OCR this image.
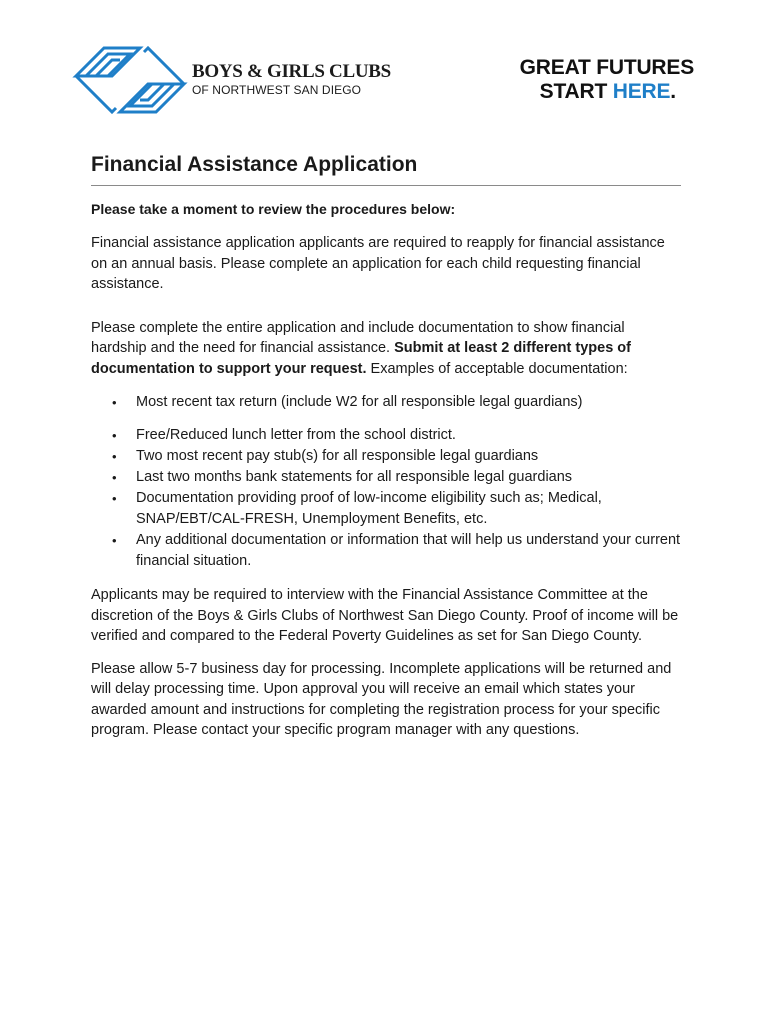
BOYS & GIRLS CLUBS
OF NORTHWEST SAN DIEGO
GREAT FUTURES
START HERE.
Financial Assistance Application
Please take a moment to review the procedures below:

Financial assistance application applicants are required to reapply for financial assistance on an annual basis. Please complete an application for each child requesting financial assistance.

Please complete the entire application and include documentation to show financial hardship and the need for financial assistance. Submit at least 2 different types of documentation to support your request. Examples of acceptable documentation:

• Most recent tax return (include W2 for all responsible legal guardians)
• Free/Reduced lunch letter from the school district.
• Two most recent pay stub(s) for all responsible legal guardians
• Last two months bank statements for all responsible legal guardians
• Documentation providing proof of low-income eligibility such as; Medical, SNAP/EBT/CAL-FRESH, Unemployment Benefits, etc.
• Any additional documentation or information that will help us understand your current financial situation.

Applicants may be required to interview with the Financial Assistance Committee at the discretion of the Boys & Girls Clubs of Northwest San Diego County. Proof of income will be verified and compared to the Federal Poverty Guidelines as set for San Diego County.

Please allow 5-7 business day for processing. Incomplete applications will be returned and will delay processing time. Upon approval you will receive an email which states your awarded amount and instructions for completing the registration process for your specific program. Please contact your specific program manager with any questions.
